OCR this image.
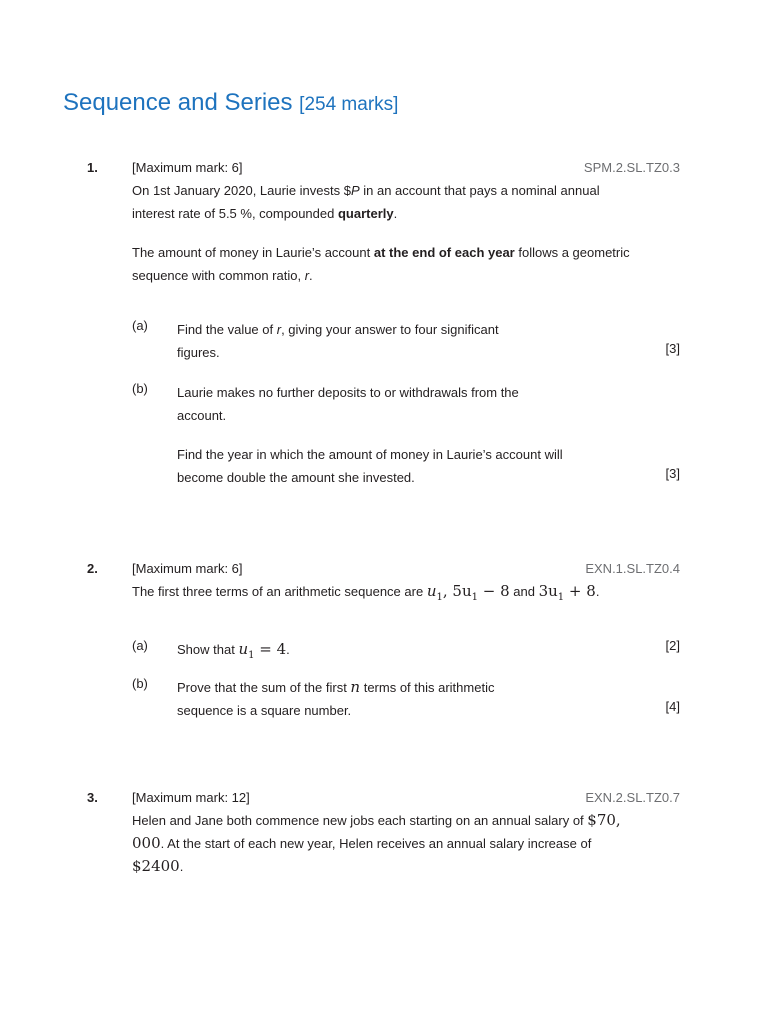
Sequence and Series [254 marks]
1.	[Maximum mark: 6]	SPM.2.SL.TZ0.3
On 1st January 2020, Laurie invests $P in an account that pays a nominal annual interest rate of 5.5 %, compounded quarterly.
The amount of money in Laurie’s account at the end of each year follows a geometric sequence with common ratio, r.
(a) Find the value of r, giving your answer to four significant figures.	[3]
(b) Laurie makes no further deposits to or withdrawals from the account.
Find the year in which the amount of money in Laurie’s account will become double the amount she invested.	[3]
2.	[Maximum mark: 6]	EXN.1.SL.TZ0.4
The first three terms of an arithmetic sequence are $u_1$, $5u_1 - 8$ and $3u_1 + 8$.
(a) Show that $u_1 = 4$.	[2]
(b) Prove that the sum of the first n terms of this arithmetic sequence is a square number.	[4]
3.	[Maximum mark: 12]	EXN.2.SL.TZ0.7
Helen and Jane both commence new jobs each starting on an annual salary of $70, 000. At the start of each new year, Helen receives an annual salary increase of $2400.
